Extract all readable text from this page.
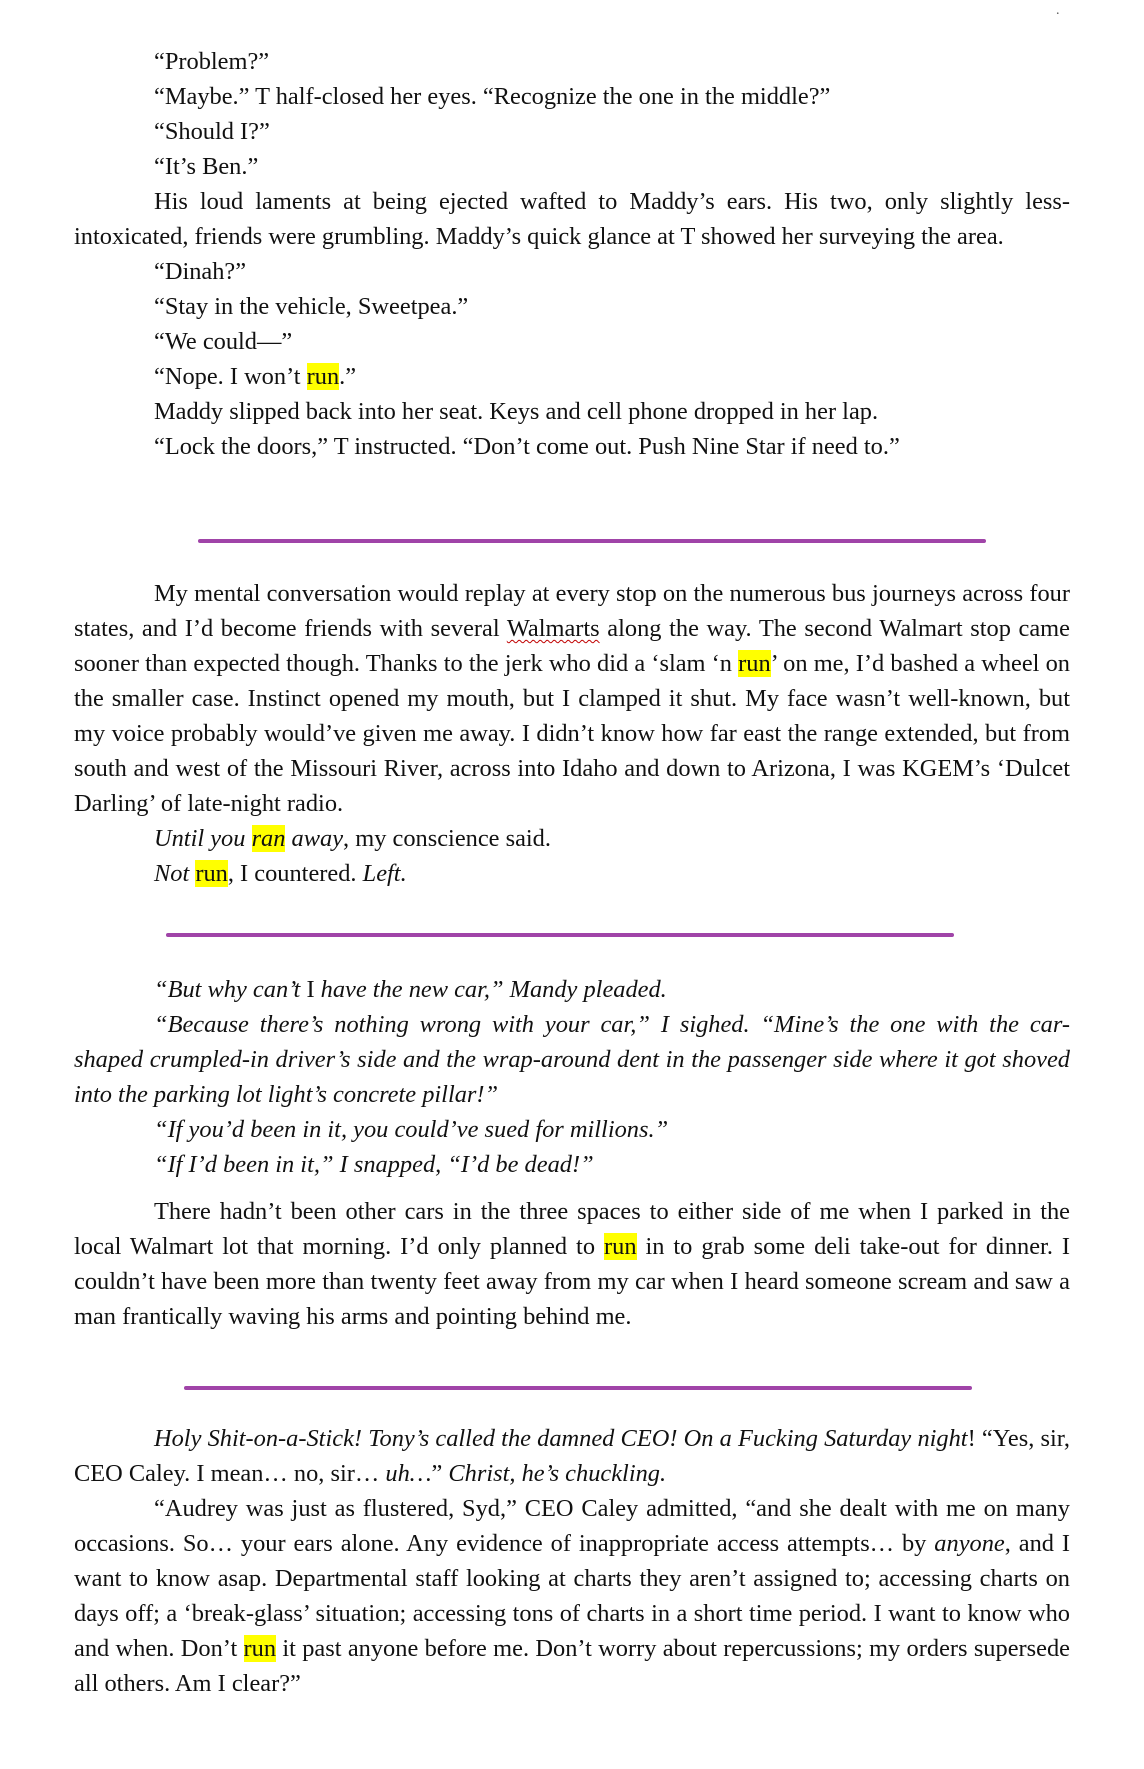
.

“Problem?”

“Maybe.” T half-closed her eyes. “Recognize the one in the middle?”

“Should I?”

“It’s Ben.”

His loud laments at being ejected wafted to Maddy’s ears. His two, only slightly less-intoxicated, friends were grumbling. Maddy’s quick glance at T showed her surveying the area.

“Dinah?”

“Stay in the vehicle, Sweetpea.”

“We could—”

“Nope. I won’t run.”

Maddy slipped back into her seat. Keys and cell phone dropped in her lap.

“Lock the doors,” T instructed. “Don’t come out. Push Nine Star if need to.”

My mental conversation would replay at every stop on the numerous bus journeys across four states, and I’d become friends with several Walmarts along the way. The second Walmart stop came sooner than expected though. Thanks to the jerk who did a ‘slam ‘n run’ on me, I’d bashed a wheel on the smaller case. Instinct opened my mouth, but I clamped it shut. My face wasn’t well-known, but my voice probably would’ve given me away. I didn’t know how far east the range extended, but from south and west of the Missouri River, across into Idaho and down to Arizona, I was KGEM’s ‘Dulcet Darling’ of late-night radio.

Until you ran away, my conscience said.

Not run, I countered. Left.

“But why can’t I have the new car,” Mandy pleaded.

“Because there’s nothing wrong with your car,” I sighed. “Mine’s the one with the car-shaped crumpled-in driver’s side and the wrap-around dent in the passenger side where it got shoved into the parking lot light’s concrete pillar!”

“If you’d been in it, you could’ve sued for millions.”

“If I’d been in it,” I snapped, “I’d be dead!”

There hadn’t been other cars in the three spaces to either side of me when I parked in the local Walmart lot that morning. I’d only planned to run in to grab some deli take-out for dinner. I couldn’t have been more than twenty feet away from my car when I heard someone scream and saw a man frantically waving his arms and pointing behind me.

Holy Shit-on-a-Stick! Tony’s called the damned CEO! On a Fucking Saturday night! “Yes, sir, CEO Caley. I mean… no, sir… uh…” Christ, he’s chuckling.

“Audrey was just as flustered, Syd,” CEO Caley admitted, “and she dealt with me on many occasions. So… your ears alone. Any evidence of inappropriate access attempts… by anyone, and I want to know asap. Departmental staff looking at charts they aren’t assigned to; accessing charts on days off; a ‘break-glass’ situation; accessing tons of charts in a short time period. I want to know who and when. Don’t run it past anyone before me. Don’t worry about repercussions; my orders supersede all others. Am I clear?”
